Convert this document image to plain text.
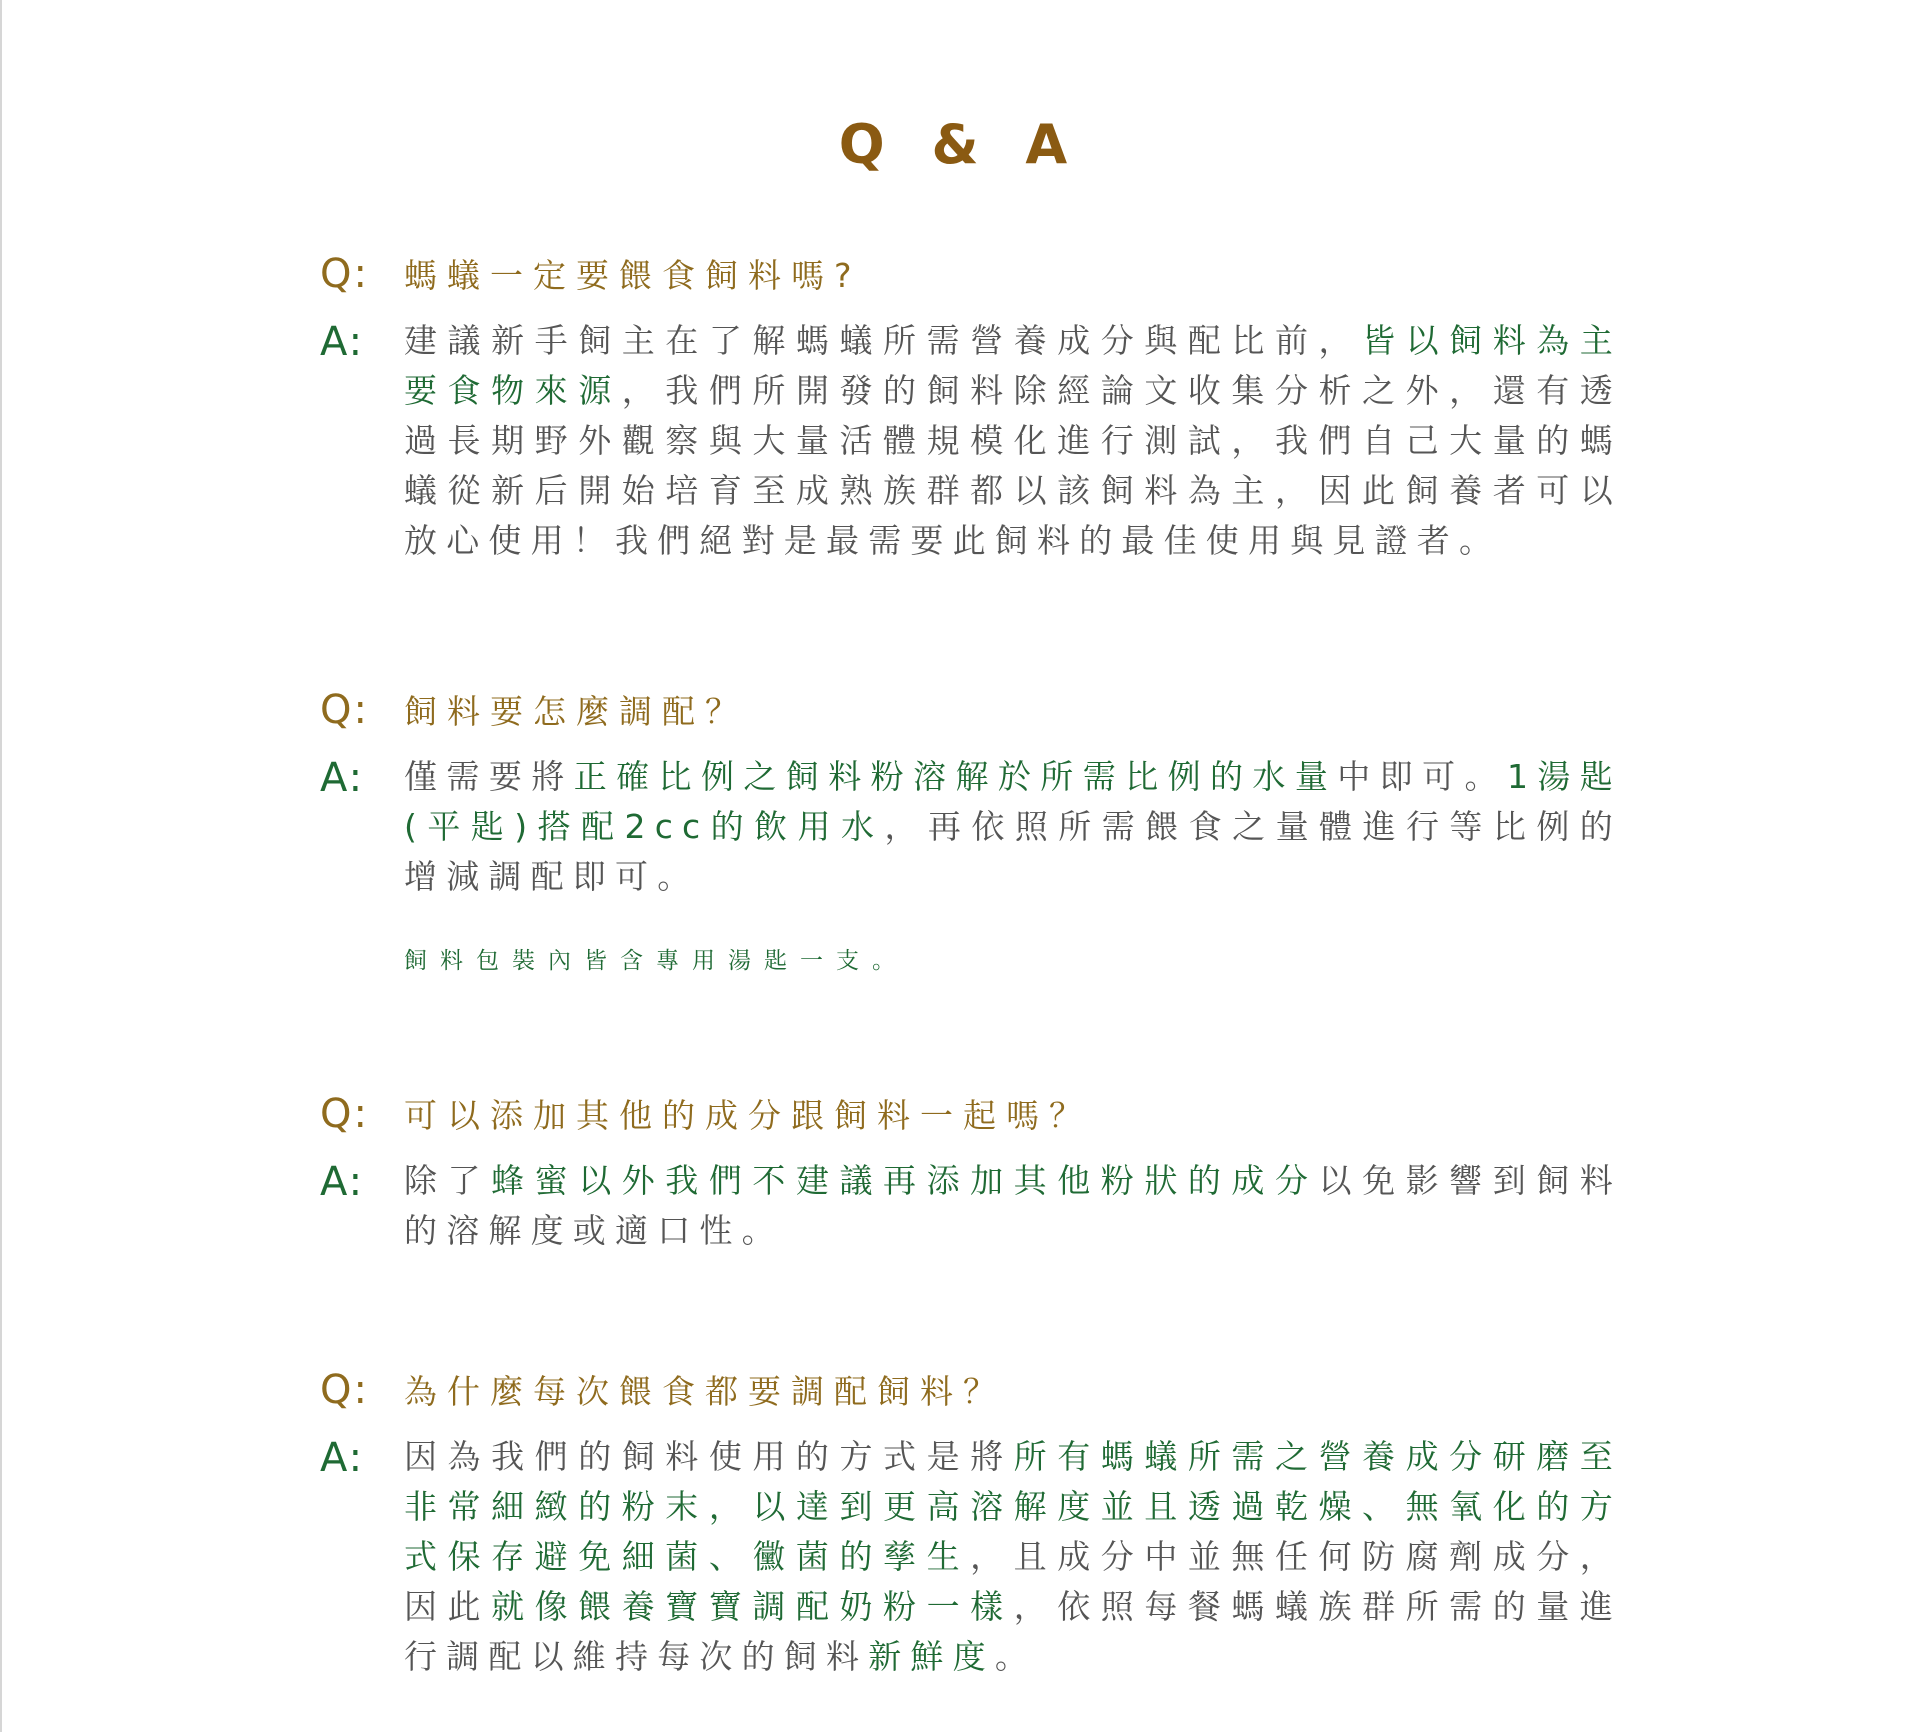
Q & A
Q:	螞蟻一定要餵食飼料嗎?
A:	建議新手飼主在了解螞蟻所需營養成分與配比前，皆以飼料為主要食物來源，我們所開發的飼料除經論文收集分析之外，還有透過長期野外觀察與大量活體規模化進行測試，我們自己大量的螞蟻從新后開始培育至成熟族群都以該飼料為主，因此飼養者可以放心使用！我們絕對是最需要此飼料的最佳使用與見證者。

Q:	飼料要怎麼調配？
A:	僅需要將正確比例之飼料粉溶解於所需比例的水量中即可。1湯匙(平匙)搭配2cc的飲用水，再依照所需餵食之量體進行等比例的增減調配即可。

飼料包裝內皆含專用湯匙一支。
Q:	可以添加其他的成分跟飼料一起嗎？
A:	除了蜂蜜以外我們不建議再添加其他粉狀的成分以免影響到飼料的溶解度或適口性。

Q:	為什麼每次餵食都要調配飼料？
A:	因為我們的飼料使用的方式是將所有螞蟻所需之營養成分研磨至非常細緻的粉末，以達到更高溶解度並且透過乾燥、無氧化的方式保存避免細菌、黴菌的孳生，且成分中並無任何防腐劑成分，因此就像餵養寶寶調配奶粉一樣，依照每餐螞蟻族群所需的量進行調配以維持每次的飼料新鮮度。
